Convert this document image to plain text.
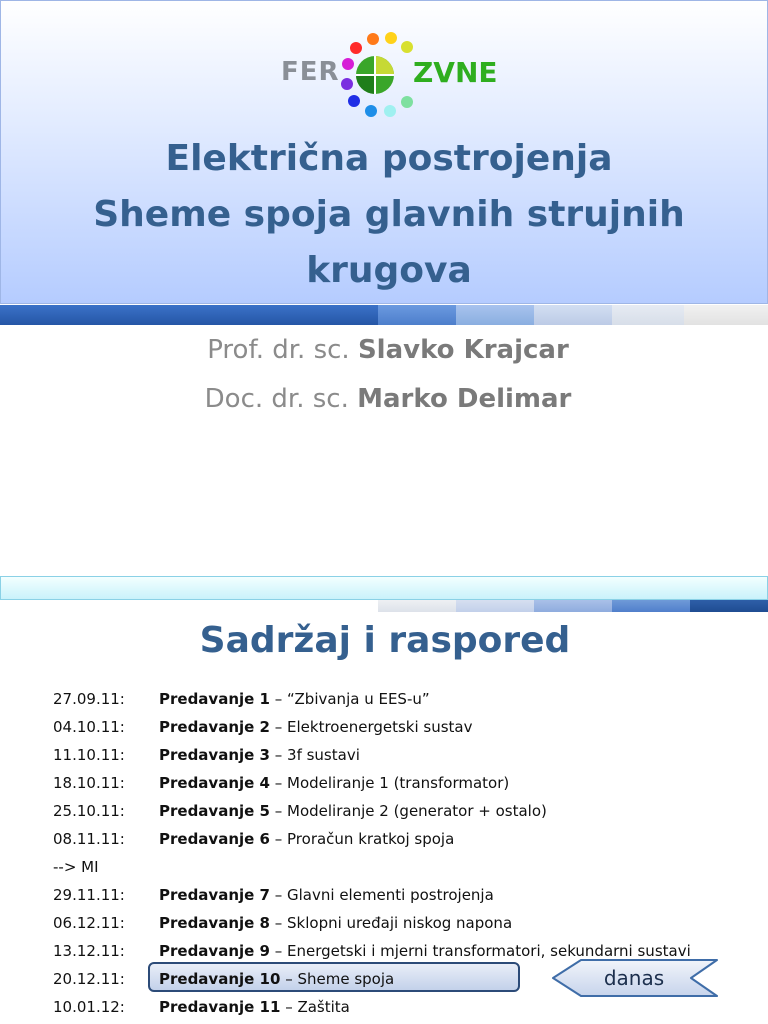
FER	ZVNE
Električna postrojenja
Sheme spoja glavnih strujnih
krugova
Prof. dr. sc. Slavko Krajcar
Doc. dr. sc. Marko Delimar
Sadržaj i raspored
27.09.11: Predavanje 1 – “Zbivanja u EES-u”
04.10.11: Predavanje 2 – Elektroenergetski sustav
11.10.11: Predavanje 3 – 3f sustavi
18.10.11: Predavanje 4 – Modeliranje 1 (transformator)
25.10.11: Predavanje 5 – Modeliranje 2 (generator + ostalo)
08.11.11: Predavanje 6 – Proračun kratkoj spoja
--> MI
29.11.11: Predavanje 7 – Glavni elementi postrojenja
06.12.11: Predavanje 8 – Sklopni uređaji niskog napona
13.12.11: Predavanje 9 – Energetski i mjerni transformatori, sekundarni sustavi
20.12.11: Predavanje 10 – Sheme spoja
10.01.12: Predavanje 11 – Zaštita
danas
